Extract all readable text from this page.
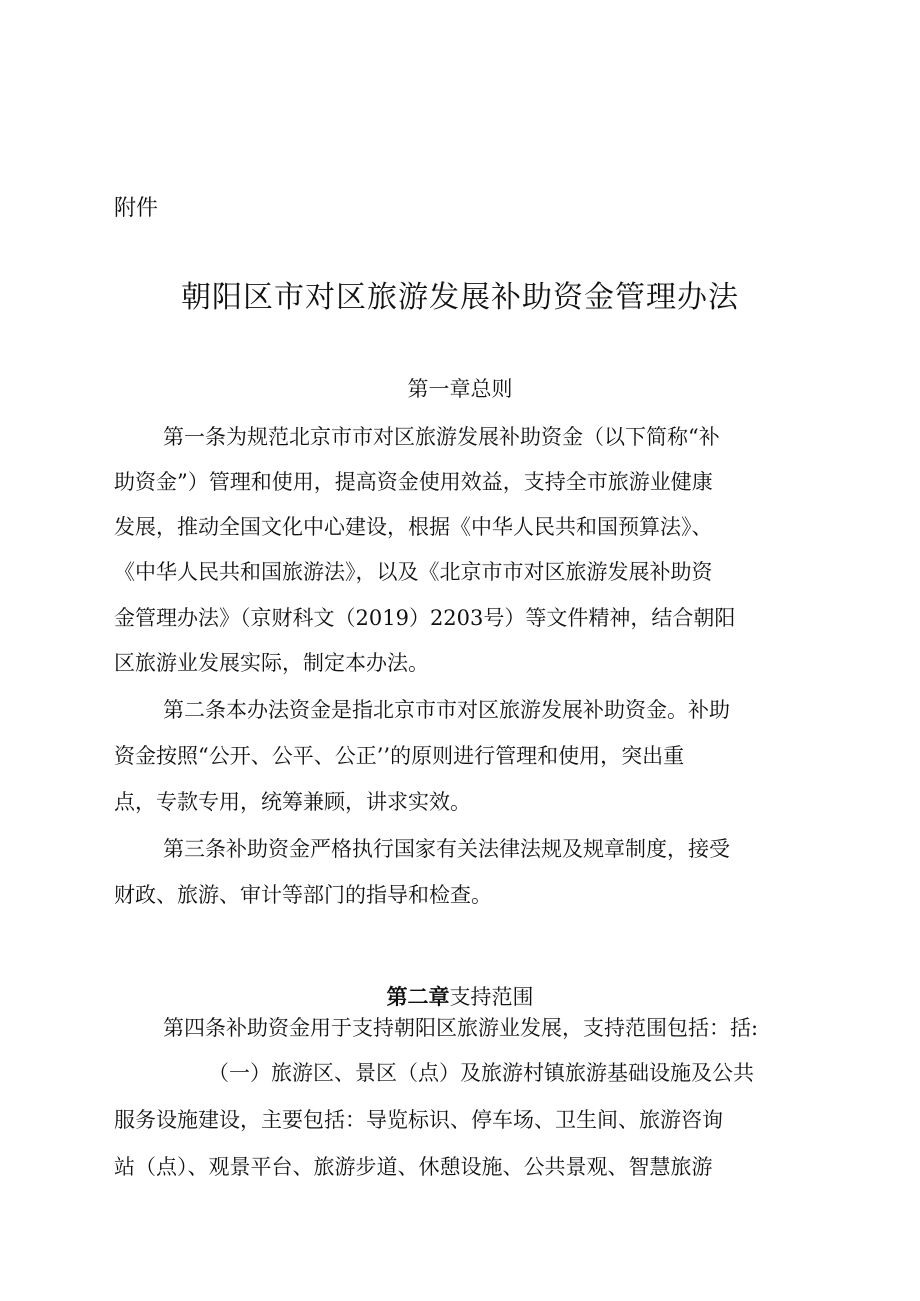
附件
朝阳区市对区旅游发展补助资金管理办法
第一章总则
第一条为规范北京市市对区旅游发展补助资金（以下简称“补
助资金”）管理和使用，提高资金使用效益，支持全市旅游业健康
发展，推动全国文化中心建设，根据《中华人民共和国预算法》、
《中华人民共和国旅游法》，以及《北京市市对区旅游发展补助资
金管理办法》（京财科文（2019）2203号）等文件精神，结合朝阳
区旅游业发展实际，制定本办法。
第二条本办法资金是指北京市市对区旅游发展补助资金。补助
资金按照“公开、公平、公正’’的原则进行管理和使用，突出重
点，专款专用，统筹兼顾，讲求实效。
第三条补助资金严格执行国家有关法律法规及规章制度，接受
财政、旅游、审计等部门的指导和检查。
第二章支持范围
第四条补助资金用于支持朝阳区旅游业发展，支持范围包括：括:
（一）旅游区、景区（点）及旅游村镇旅游基础设施及公共
服务设施建设，主要包括：导览标识、停车场、卫生间、旅游咨询
站（点）、观景平台、旅游步道、休憩设施、公共景观、智慧旅游
